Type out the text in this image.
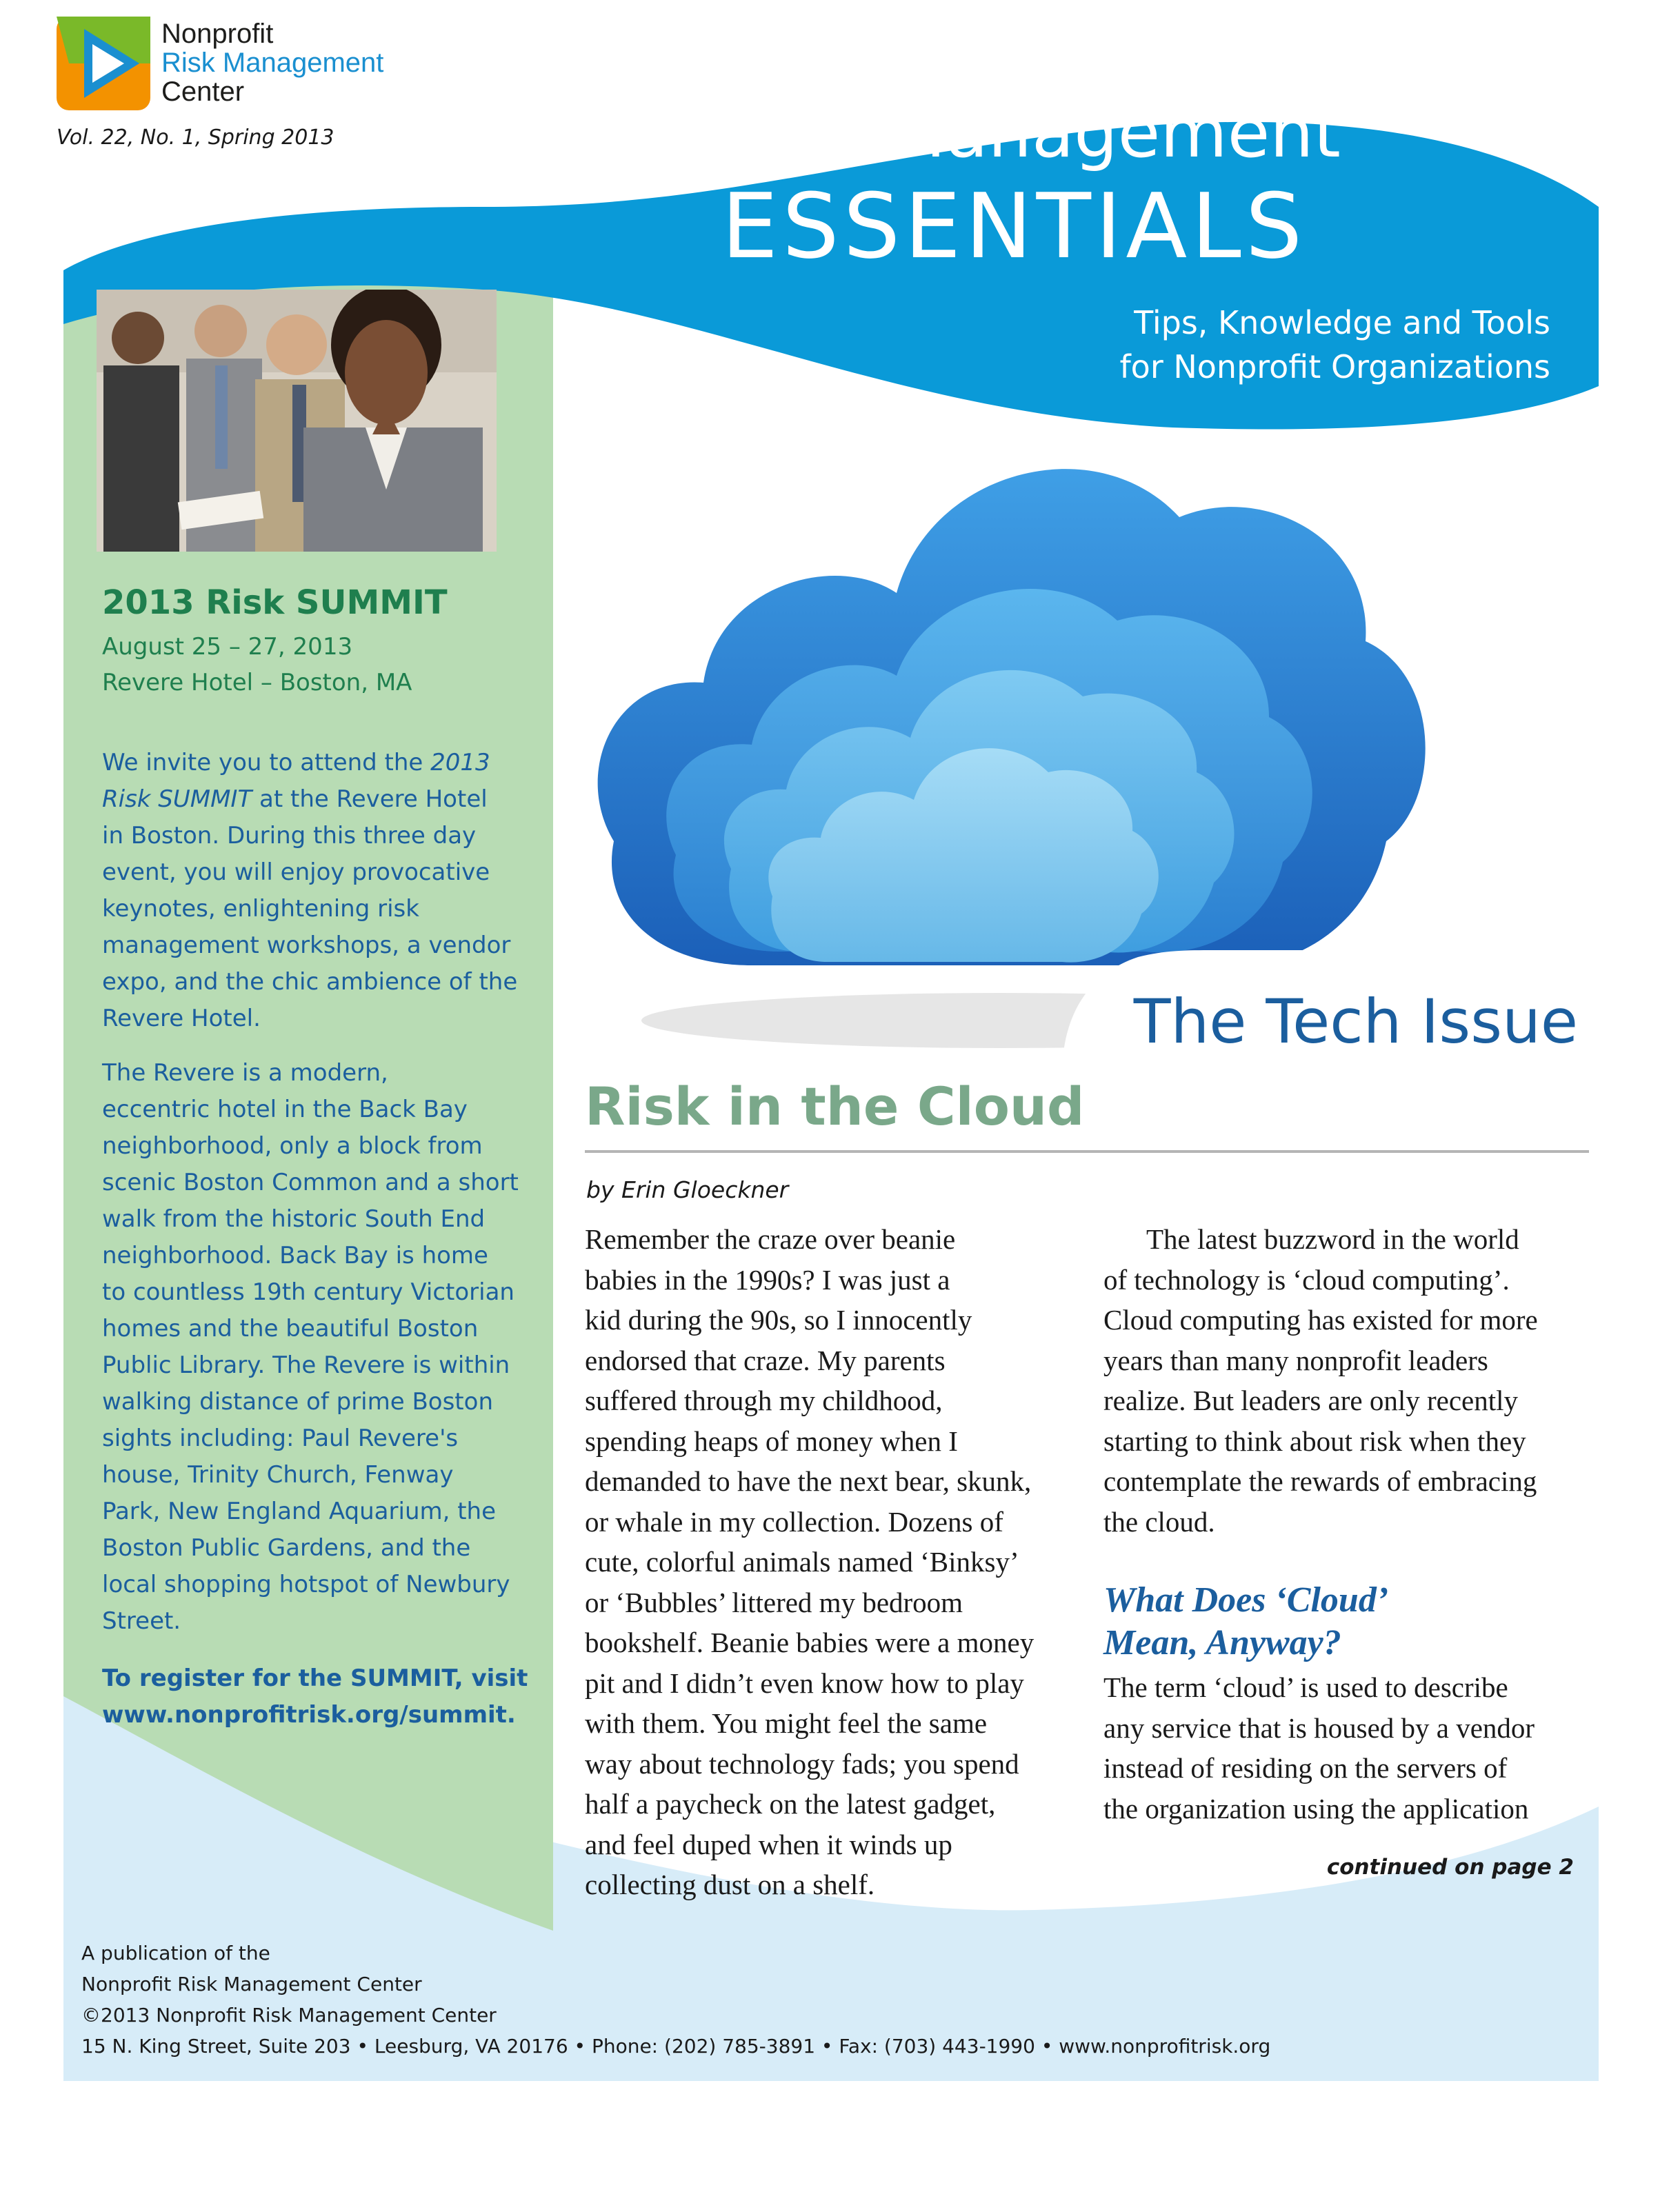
Nonprofit
Risk Management
Center
Vol. 22, No. 1, Spring 2013	Risk Management
ESSENTIALS
Tips, Knowledge and Tools
for Nonprofit Organizations
2013 Risk SUMMIT
August 25 – 27, 2013
Revere Hotel – Boston, MA
We invite you to attend the 2013
Risk SUMMIT at the Revere Hotel
in Boston. During this three day
event, you will enjoy provocative
keynotes, enlightening risk
management workshops, a vendor
expo, and the chic ambience of the
Revere Hotel.
The Revere is a modern,
eccentric hotel in the Back Bay
neighborhood, only a block from
scenic Boston Common and a short
walk from the historic South End
neighborhood. Back Bay is home
to countless 19th century Victorian
homes and the beautiful Boston
Public Library. The Revere is within
walking distance of prime Boston
sights including: Paul Revere's
house, Trinity Church, Fenway
Park, New England Aquarium, the
Boston Public Gardens, and the
local shopping hotspot of Newbury
Street.
To register for the SUMMIT, visit
www.nonprofitrisk.org/summit.
The Tech Issue
Risk in the Cloud
by Erin Gloeckner
Remember the craze over beanie
babies in the 1990s? I was just a
kid during the 90s, so I innocently
endorsed that craze. My parents
suffered through my childhood,
spending heaps of money when I
demanded to have the next bear, skunk,
or whale in my collection. Dozens of
cute, colorful animals named ‘Binksy’
or ‘Bubbles’ littered my bedroom
bookshelf. Beanie babies were a money
pit and I didn’t even know how to play
with them. You might feel the same
way about technology fads; you spend
half a paycheck on the latest gadget,
and feel duped when it winds up
collecting dust on a shelf.
The latest buzzword in the world
of technology is ‘cloud computing’.
Cloud computing has existed for more
years than many nonprofit leaders
realize. But leaders are only recently
starting to think about risk when they
contemplate the rewards of embracing
the cloud.
What Does ‘Cloud’
Mean, Anyway?
The term ‘cloud’ is used to describe
any service that is housed by a vendor
instead of residing on the servers of
the organization using the application
continued on page 2
A publication of the
Nonprofit Risk Management Center
©2013 Nonprofit Risk Management Center
15 N. King Street, Suite 203 • Leesburg, VA 20176 • Phone: (202) 785-3891 • Fax: (703) 443-1990 • www.nonprofitrisk.org
